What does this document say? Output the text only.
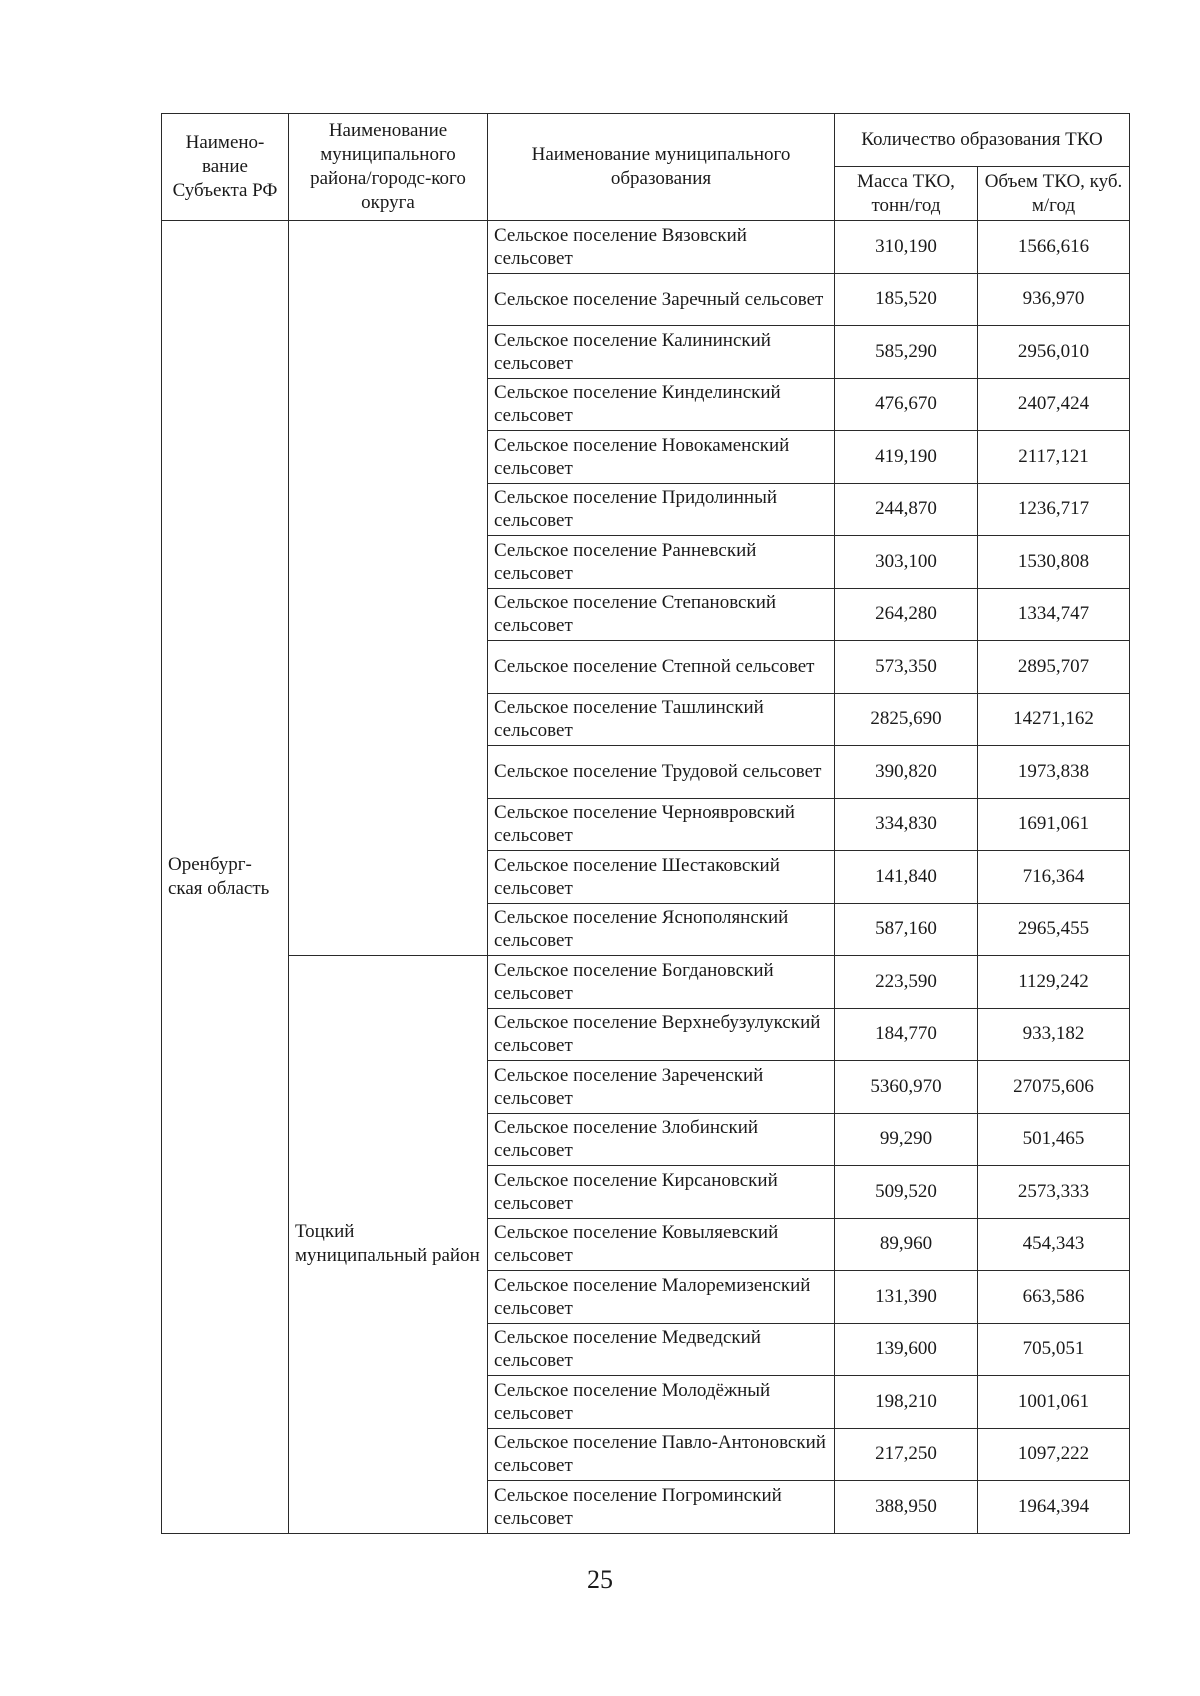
Наимено-вание Субъекта РФ	Наименование муниципального района/городс-кого округа	Наименование муниципального образования	Количество образования ТКО	
			Масса ТКО, тонн/год	Объем ТКО, куб. м/год
Оренбург-ская область		Сельское поселение Вязовский сельсовет	310,190	1566,616
		Сельское поселение Заречный сельсовет	185,520	936,970
		Сельское поселение Калининский сельсовет	585,290	2956,010
		Сельское поселение Кинделинский сельсовет	476,670	2407,424
		Сельское поселение Новокаменский сельсовет	419,190	2117,121
		Сельское поселение Придолинный сельсовет	244,870	1236,717
		Сельское поселение Ранневский сельсовет	303,100	1530,808
		Сельское поселение Степановский сельсовет	264,280	1334,747
		Сельское поселение Степной сельсовет	573,350	2895,707
		Сельское поселение Ташлинский сельсовет	2825,690	14271,162
		Сельское поселение Трудовой сельсовет	390,820	1973,838
		Сельское поселение Черноявровский сельсовет	334,830	1691,061
		Сельское поселение Шестаковский сельсовет	141,840	716,364
		Сельское поселение Яснополянский сельсовет	587,160	2965,455
	Тоцкий муниципальный район	Сельское поселение Богдановский сельсовет	223,590	1129,242
		Сельское поселение Верхнебузулукский сельсовет	184,770	933,182
		Сельское поселение Зареченский сельсовет	5360,970	27075,606
		Сельское поселение Злобинский сельсовет	99,290	501,465
		Сельское поселение Кирсановский сельсовет	509,520	2573,333
		Сельское поселение Ковыляевский сельсовет	89,960	454,343
		Сельское поселение Малоремизенский сельсовет	131,390	663,586
		Сельское поселение Медведский сельсовет	139,600	705,051
		Сельское поселение Молодёжный сельсовет	198,210	1001,061
		Сельское поселение Павло-Антоновский сельсовет	217,250	1097,222
		Сельское поселение Погроминский сельсовет	388,950	1964,394
25
